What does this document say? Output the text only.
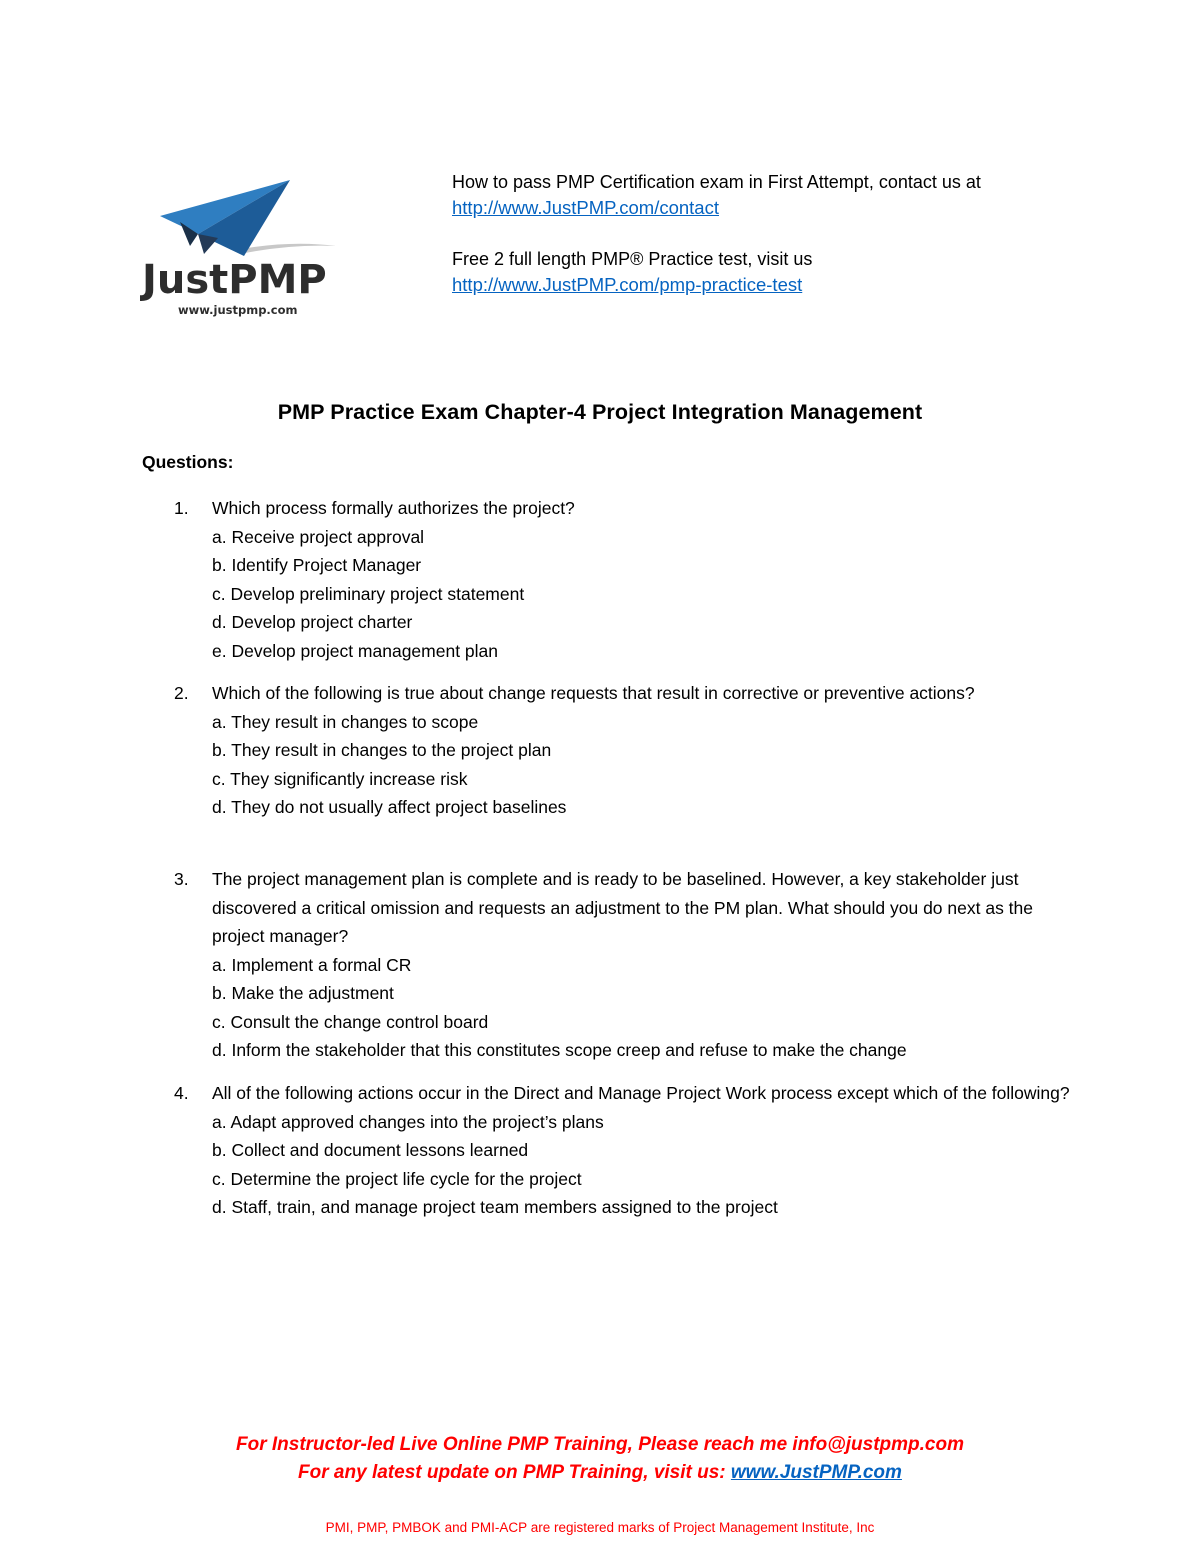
JustPMP
www.justpmp.com
How to pass PMP Certification exam in First Attempt, contact us at
http://www.JustPMP.com/contact
Free 2 full length PMP® Practice test, visit us
http://www.JustPMP.com/pmp-practice-test
PMP Practice Exam Chapter-4 Project Integration Management
Questions:
1. Which process formally authorizes the project?
a. Receive project approval
b. Identify Project Manager
c. Develop preliminary project statement
d. Develop project charter
e. Develop project management plan
2. Which of the following is true about change requests that result in corrective or preventive actions?
a. They result in changes to scope
b. They result in changes to the project plan
c. They significantly increase risk
d. They do not usually affect project baselines
3. The project management plan is complete and is ready to be baselined. However, a key stakeholder just discovered a critical omission and requests an adjustment to the PM plan. What should you do next as the project manager?
a. Implement a formal CR
b. Make the adjustment
c. Consult the change control board
d. Inform the stakeholder that this constitutes scope creep and refuse to make the change
4. All of the following actions occur in the Direct and Manage Project Work process except which of the following?
a. Adapt approved changes into the project’s plans
b. Collect and document lessons learned
c. Determine the project life cycle for the project
d. Staff, train, and manage project team members assigned to the project
For Instructor-led Live Online PMP Training, Please reach me info@justpmp.com
For any latest update on PMP Training, visit us: www.JustPMP.com
PMI, PMP, PMBOK and PMI-ACP are registered marks of Project Management Institute, Inc
